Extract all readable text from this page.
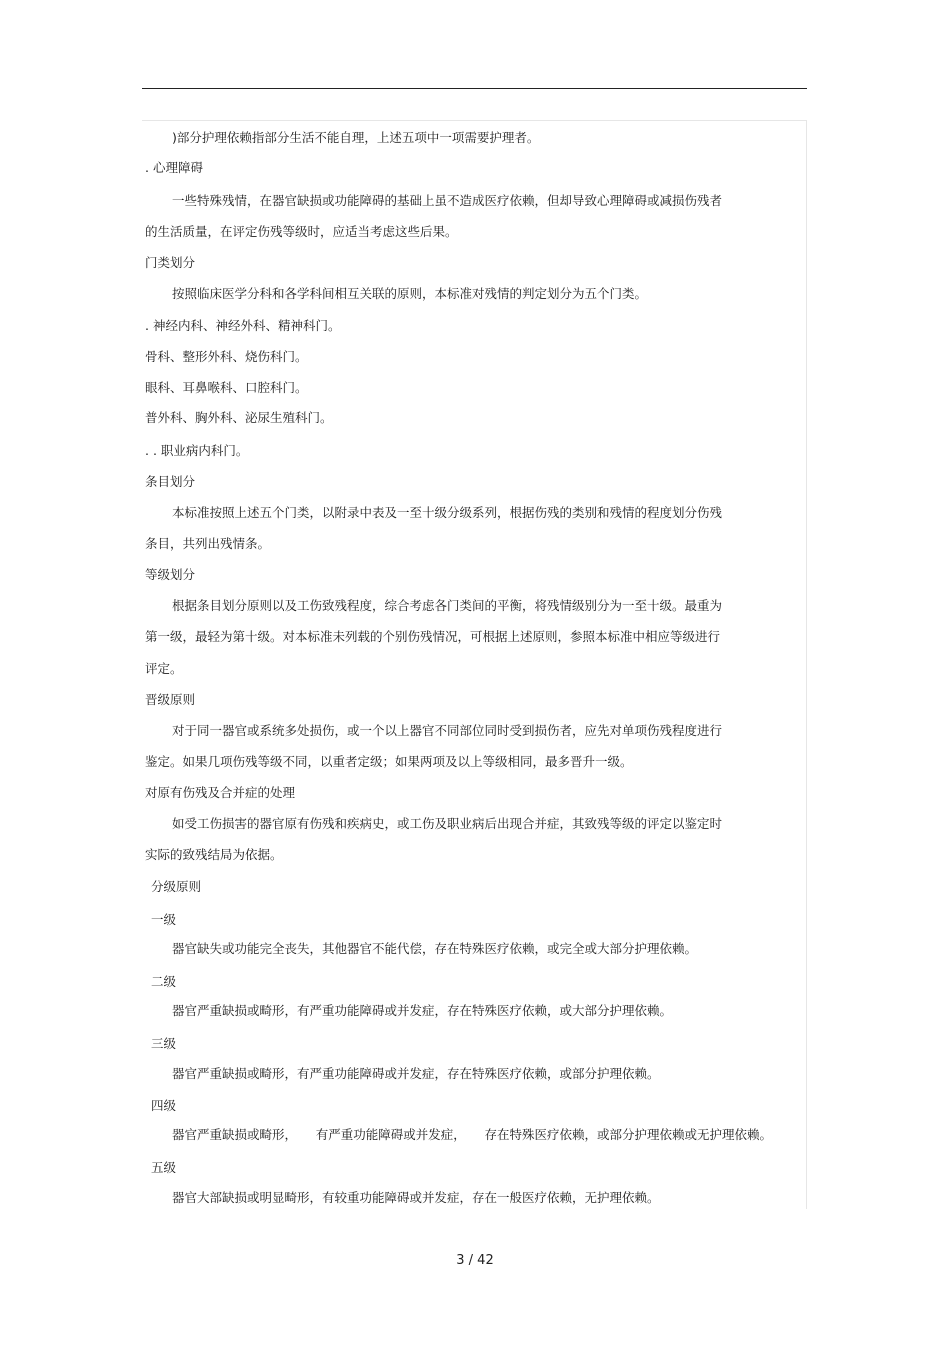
)部分护理依赖指部分生活不能自理，上述五项中一项需要护理者。
. 心理障碍
一些特殊残情，在器官缺损或功能障碍的基础上虽不造成医疗依赖，但却导致心理障碍或减损伤残者
的生活质量，在评定伤残等级时，应适当考虑这些后果。
门类划分
按照临床医学分科和各学科间相互关联的原则，本标准对残情的判定划分为五个门类。
. 神经内科、神经外科、精神科门。
骨科、整形外科、烧伤科门。
眼科、耳鼻喉科、口腔科门。
普外科、胸外科、泌尿生殖科门。
. . 职业病内科门。
条目划分
本标准按照上述五个门类，以附录中表及一至十级分级系列，根据伤残的类别和残情的程度划分伤残
条目，共列出残情条。
等级划分
根据条目划分原则以及工伤致残程度，综合考虑各门类间的平衡，将残情级别分为一至十级。最重为
第一级，最轻为第十级。对本标准未列载的个别伤残情况，可根据上述原则，参照本标准中相应等级进行
评定。
晋级原则
对于同一器官或系统多处损伤，或一个以上器官不同部位同时受到损伤者，应先对单项伤残程度进行
鉴定。如果几项伤残等级不同，以重者定级；如果两项及以上等级相同，最多晋升一级。
对原有伤残及合并症的处理
如受工伤损害的器官原有伤残和疾病史，或工伤及职业病后出现合并症，其致残等级的评定以鉴定时
实际的致残结局为依据。
分级原则
一级
器官缺失或功能完全丧失，其他器官不能代偿，存在特殊医疗依赖，或完全或大部分护理依赖。
二级
器官严重缺损或畸形，有严重功能障碍或并发症，存在特殊医疗依赖，或大部分护理依赖。
三级
器官严重缺损或畸形，有严重功能障碍或并发症，存在特殊医疗依赖，或部分护理依赖。
四级
器官严重缺损或畸形，　　有严重功能障碍或并发症，　　存在特殊医疗依赖，或部分护理依赖或无护理依赖。
五级
器官大部缺损或明显畸形，有较重功能障碍或并发症，存在一般医疗依赖，无护理依赖。
3 / 42
